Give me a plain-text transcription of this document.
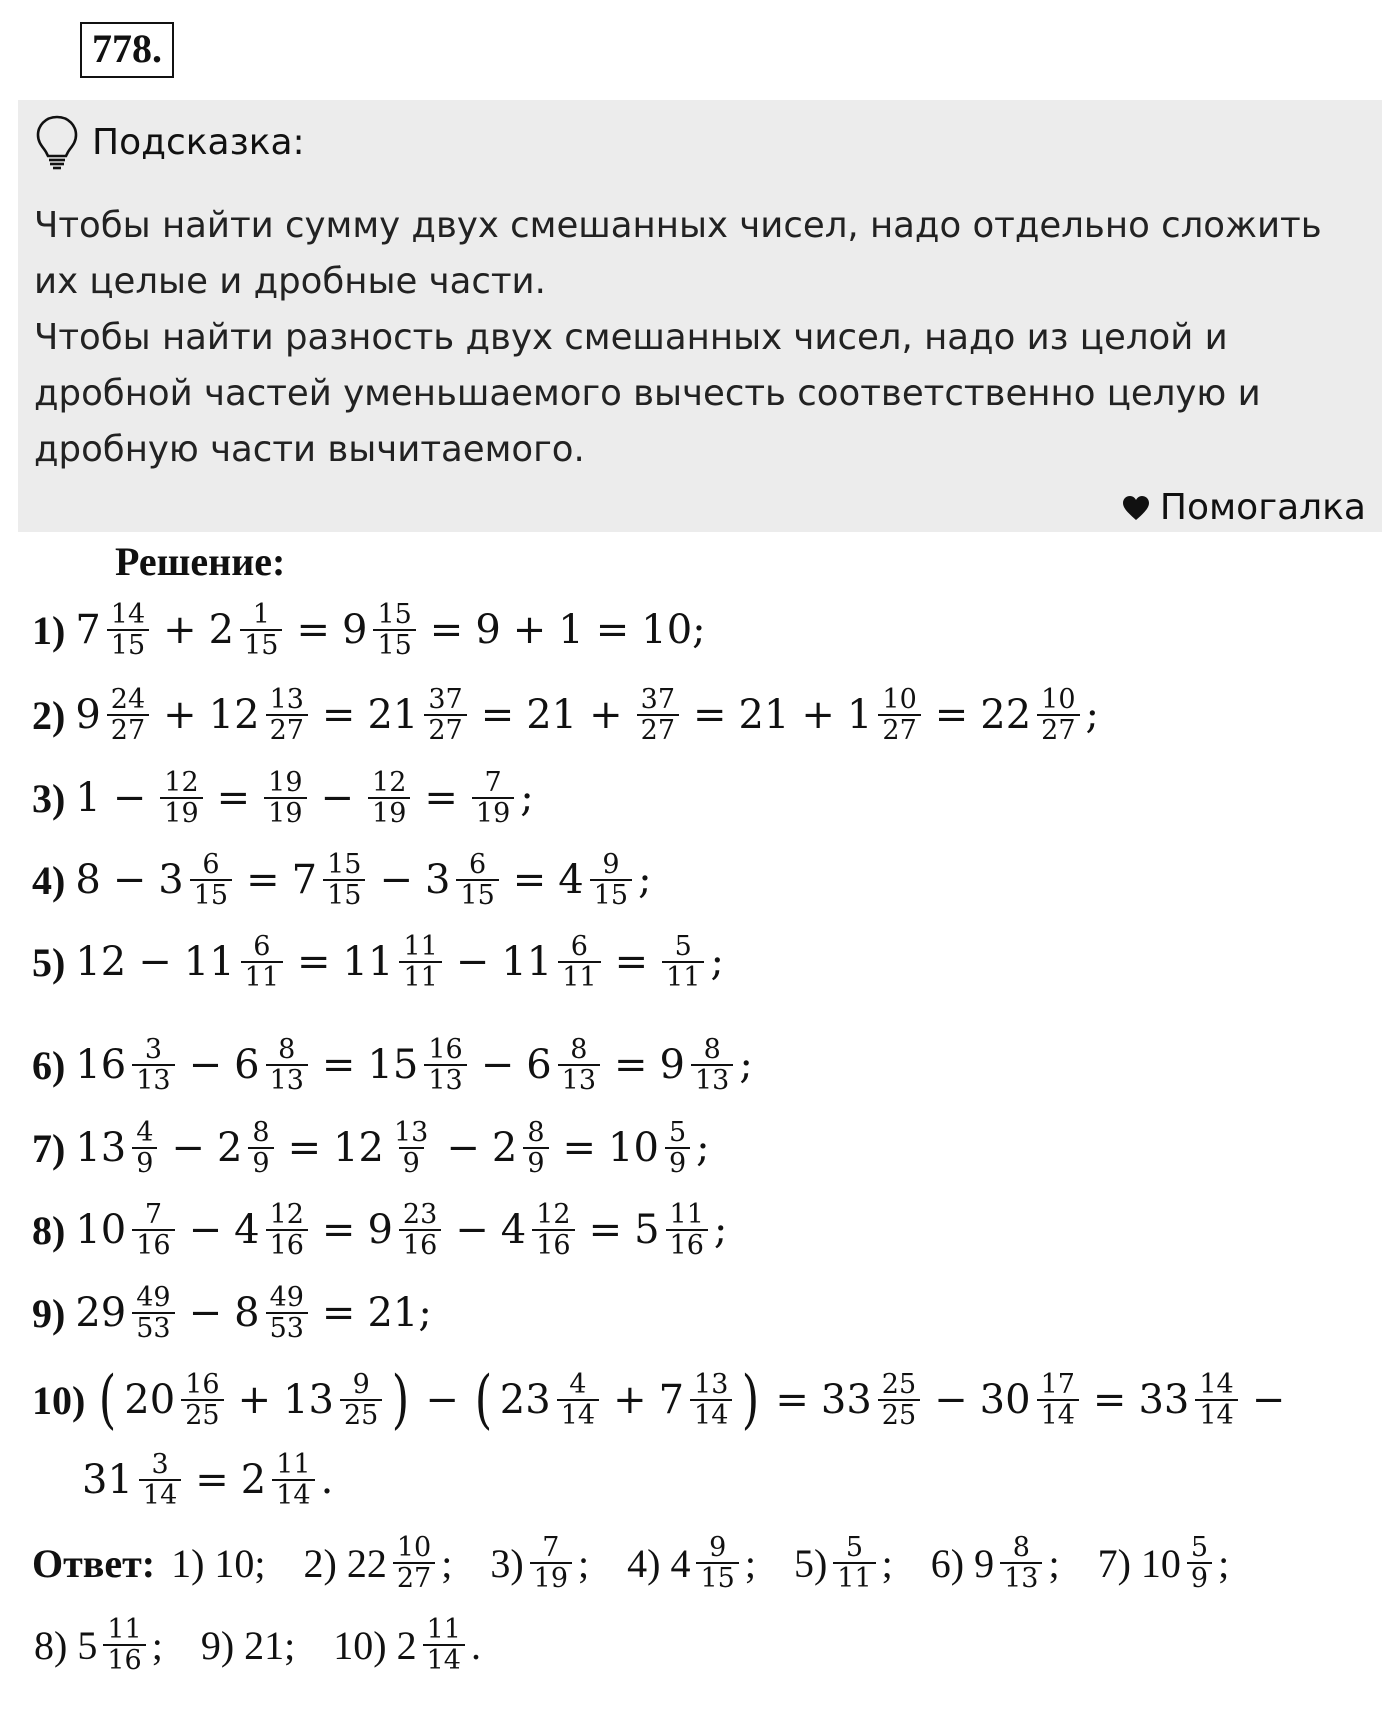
778.
Подсказка:
Чтобы найти сумму двух смешанных чисел, надо отдельно сложить
их целые и дробные части.
Чтобы найти разность двух смешанных чисел, надо из целой и
дробной частей уменьшаемого вычесть соответственно целую и
дробную части вычитаемого.
Помогалка
Решение:
1) $7 \frac{14}{15} + 2 \frac{1}{15} = 9 \frac{15}{15} = 9 + 1 = 10$;
2) $9 \frac{24}{27} + 12 \frac{13}{27} = 21 \frac{37}{27} = 21 + \frac{37}{27} = 21 + 1 \frac{10}{27} = 22 \frac{10}{27}$ ;
3) $1 - \frac{12}{19} = \frac{19}{19} - \frac{12}{19} = \frac{7}{19}$ ;
4) $8 - 3 \frac{6}{15} = 7 \frac{15}{15} - 3 \frac{6}{15} = 4 \frac{9}{15}$ ;
5) $12 - 11 \frac{6}{11} = 11 \frac{11}{11} - 11 \frac{6}{11} = \frac{5}{11}$ ;
6) $16 \frac{3}{13} - 6 \frac{8}{13} = 15 \frac{16}{13} - 6 \frac{8}{13} = 9 \frac{8}{13}$ ;
7) $13 \frac{4}{9} - 2 \frac{8}{9} = 12 \frac{13}{9} - 2 \frac{8}{9} = 10 \frac{5}{9}$ ;
8) $10 \frac{7}{16} - 4 \frac{12}{16} = 9 \frac{23}{16} - 4 \frac{12}{16} = 5 \frac{11}{16}$ ;
9) $29 \frac{49}{53} - 8 \frac{49}{53} = 21$;
10) ( $20 \frac{16}{25} + 13 \frac{9}{25}$ ) − ( $23 \frac{4}{14} + 7 \frac{13}{14}$ ) = $33 \frac{25}{25} - 30 \frac{17}{14} = 33 \frac{14}{14}$ −
$31 \frac{3}{14} = 2 \frac{11}{14}$ .
Ответ: 1) 10; 2) $22 \frac{10}{27}$ ; $3) \frac{7}{19}$ ; 4) $4 \frac{9}{15}$ ; $5) \frac{5}{11}$ ; 6) $9 \frac{8}{13}$ ; 7) $10 \frac{5}{9}$ ;
8) $5 \frac{11}{16}$ ; 9) 21; 10) $2 \frac{11}{14}$ .
